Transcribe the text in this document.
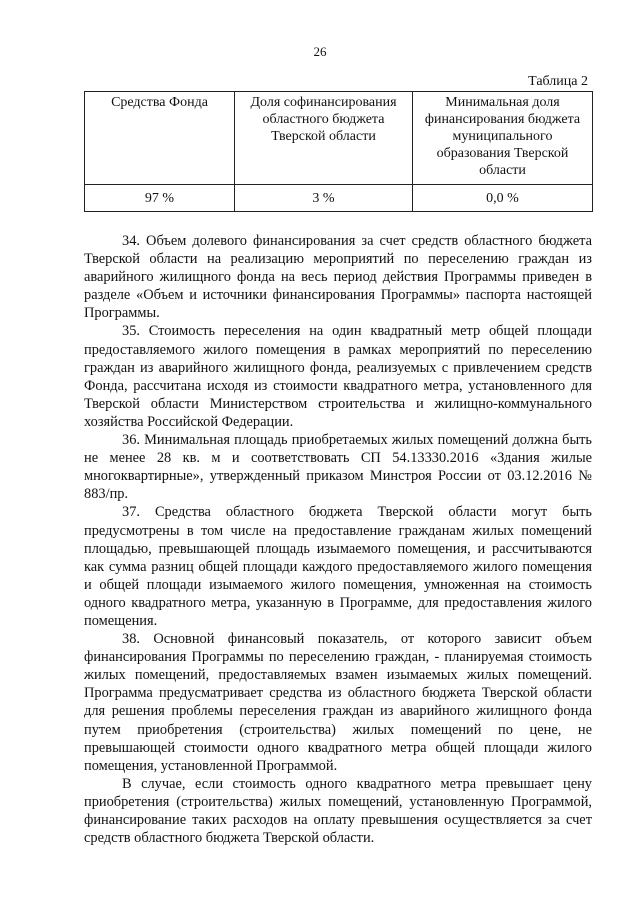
26
Таблица 2
Средства Фонда	Доля софинансирования областного бюджета Тверской области	Минимальная доля финансирования бюджета муниципального образования Тверской области
97 %	3 %	0,0 %

34. Объем долевого финансирования за счет средств областного бюджета Тверской области на реализацию мероприятий по переселению граждан из аварийного жилищного фонда на весь период действия Программы приведен в разделе «Объем и источники финансирования Программы» паспорта настоящей Программы.

35. Стоимость переселения на один квадратный метр общей площади предоставляемого жилого помещения в рамках мероприятий по переселению граждан из аварийного жилищного фонда, реализуемых с привлечением средств Фонда, рассчитана исходя из стоимости квадратного метра, установленного для Тверской области Министерством строительства и жилищно-коммунального хозяйства Российской Федерации.

36. Минимальная площадь приобретаемых жилых помещений должна быть не менее 28 кв. м и соответствовать СП 54.13330.2016 «Здания жилые многоквартирные», утвержденный приказом Минстроя России от 03.12.2016 № 883/пр.

37. Средства областного бюджета Тверской области могут быть предусмотрены в том числе на предоставление гражданам жилых помещений площадью, превышающей площадь изымаемого помещения, и рассчитываются как сумма разниц общей площади каждого предоставляемого жилого помещения и общей площади изымаемого жилого помещения, умноженная на стоимость одного квадратного метра, указанную в Программе, для предоставления жилого помещения.

38. Основной финансовый показатель, от которого зависит объем финансирования Программы по переселению граждан, - планируемая стоимость жилых помещений, предоставляемых взамен изымаемых жилых помещений. Программа предусматривает средства из областного бюджета Тверской области для решения проблемы переселения граждан из аварийного жилищного фонда путем приобретения (строительства) жилых помещений по цене, не превышающей стоимости одного квадратного метра общей площади жилого помещения, установленной Программой.

В случае, если стоимость одного квадратного метра превышает цену приобретения (строительства) жилых помещений, установленную Программой, финансирование таких расходов на оплату превышения осуществляется за счет средств областного бюджета Тверской области.
